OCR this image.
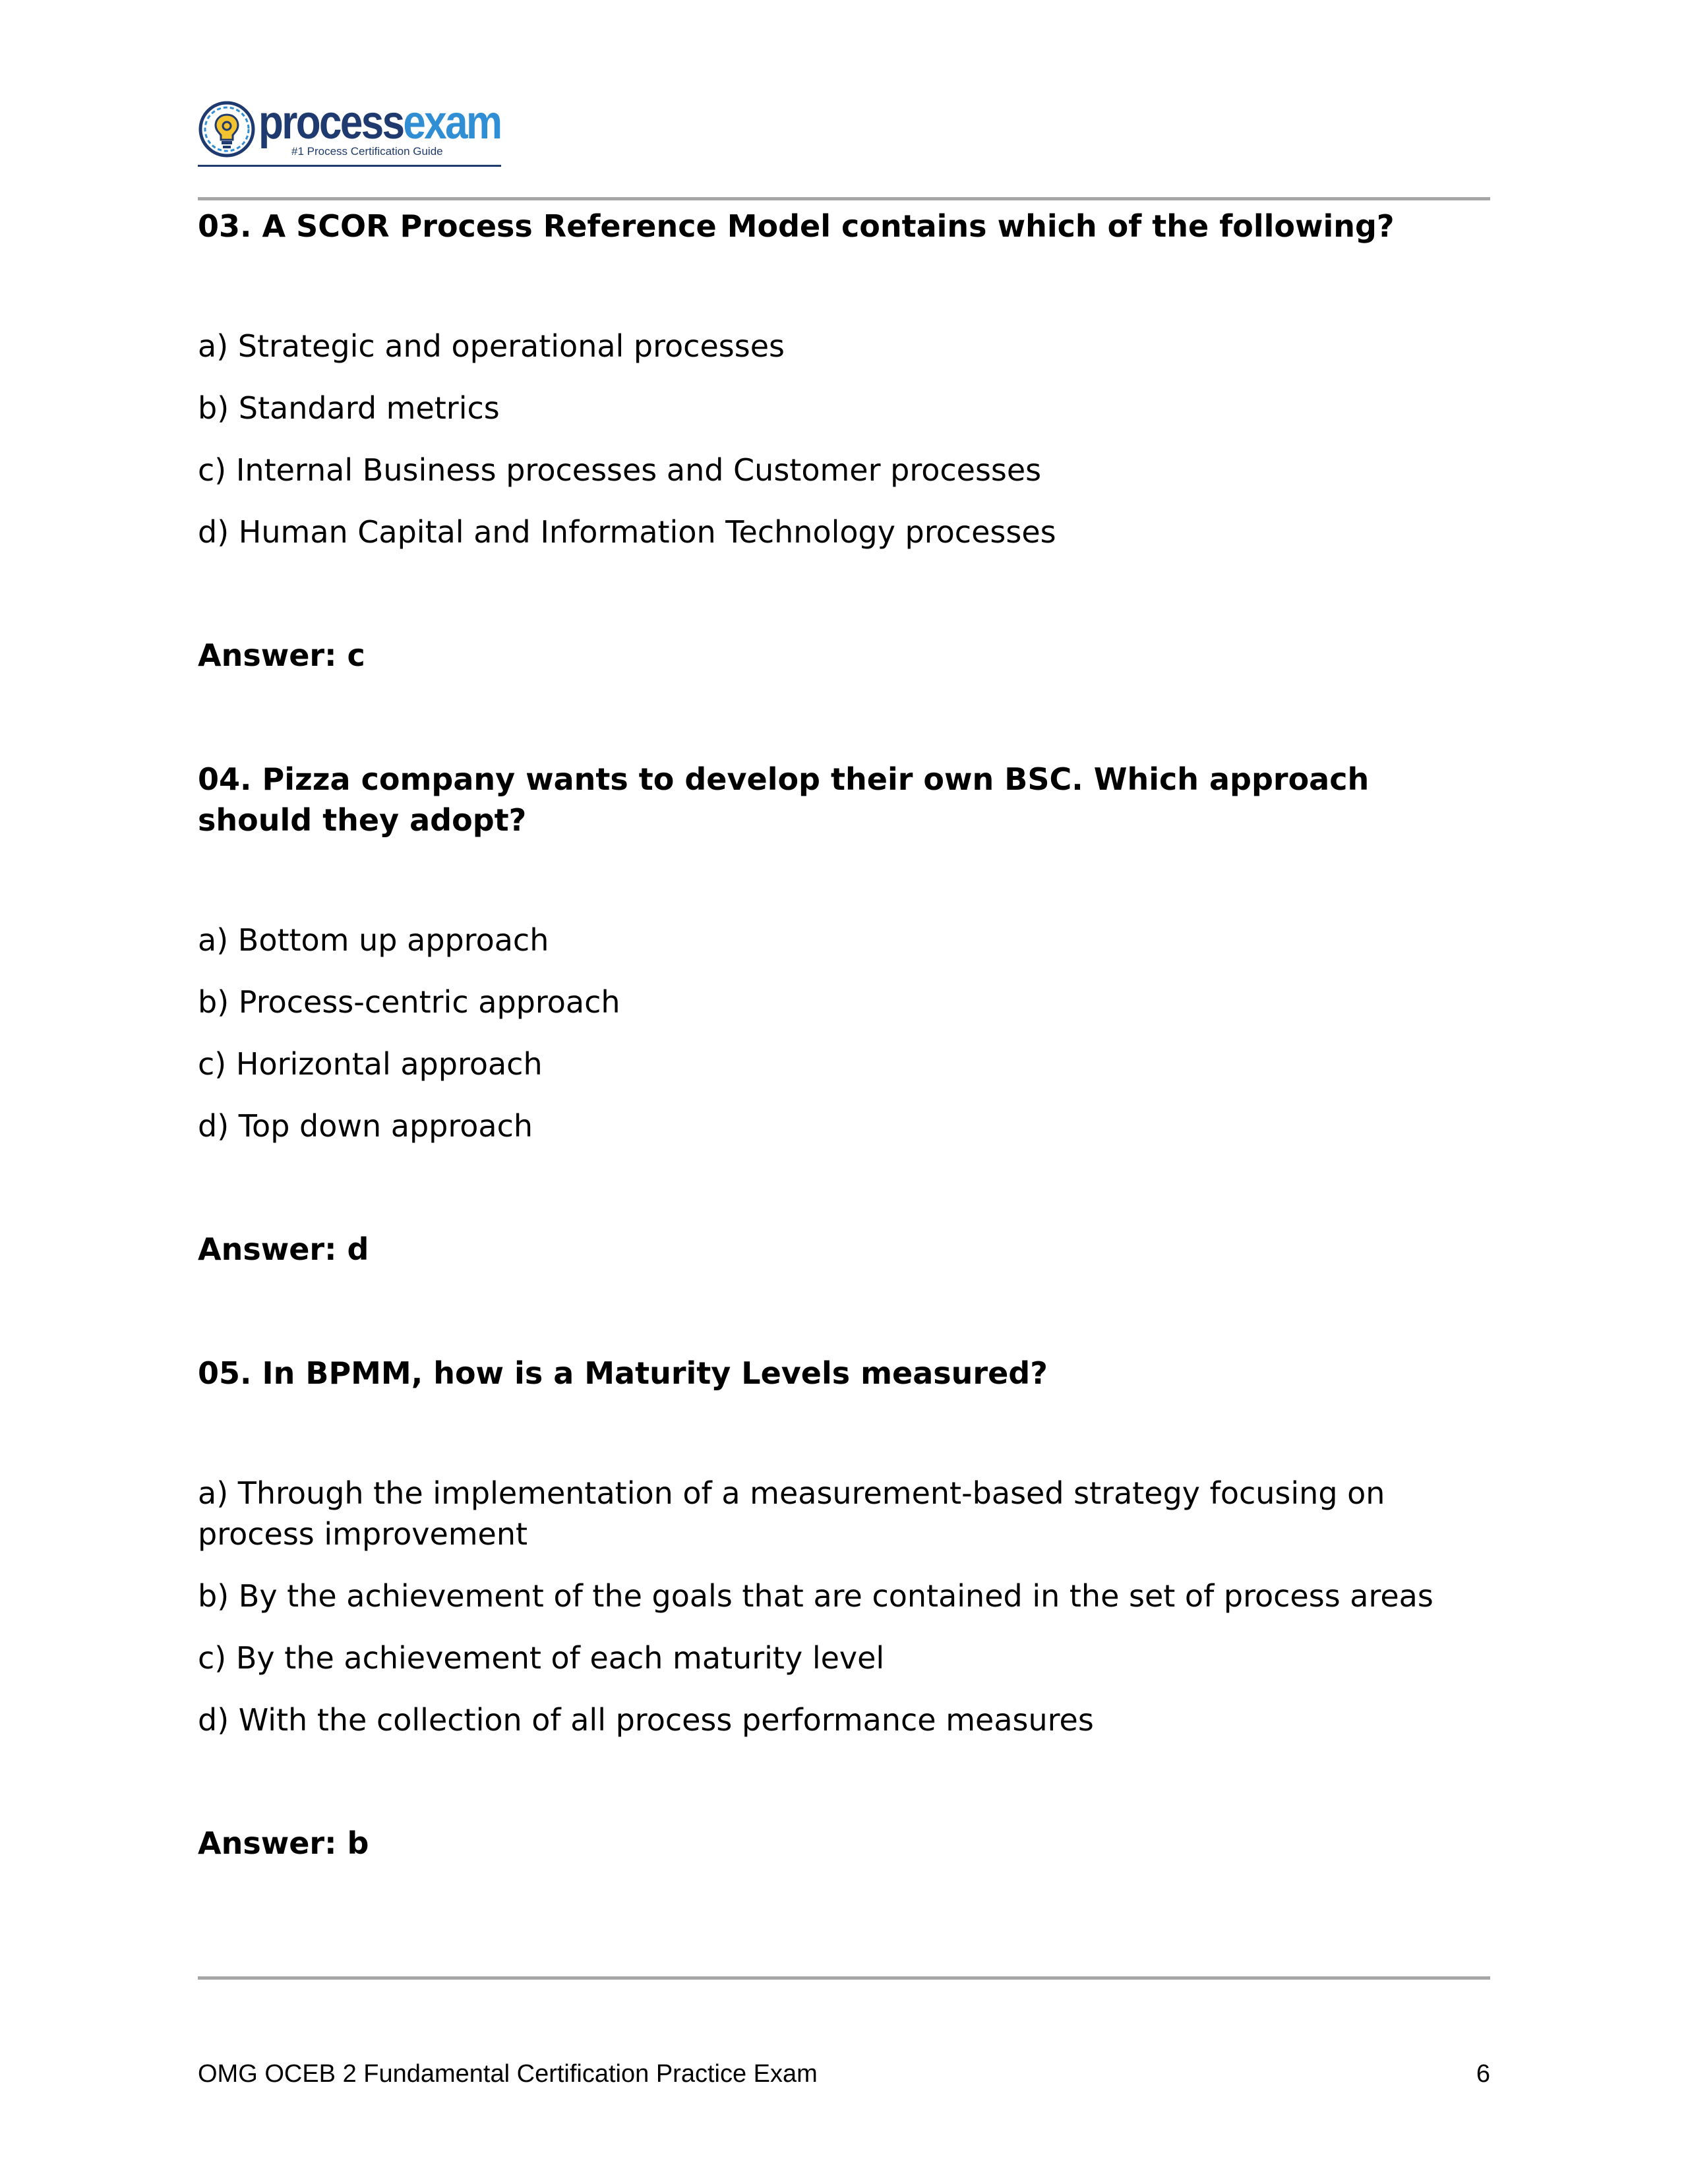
processexam
#1 Process Certification Guide

03. A SCOR Process Reference Model contains which of the following?

a) Strategic and operational processes

b) Standard metrics

c) Internal Business processes and Customer processes

d) Human Capital and Information Technology processes

Answer: c

04. Pizza company wants to develop their own BSC. Which approach should they adopt?

a) Bottom up approach

b) Process-centric approach

c) Horizontal approach

d) Top down approach

Answer: d

05. In BPMM, how is a Maturity Levels measured?

a) Through the implementation of a measurement-based strategy focusing on process improvement

b) By the achievement of the goals that are contained in the set of process areas

c) By the achievement of each maturity level

d) With the collection of all process performance measures

Answer: b
OMG OCEB 2 Fundamental Certification Practice Exam	6
